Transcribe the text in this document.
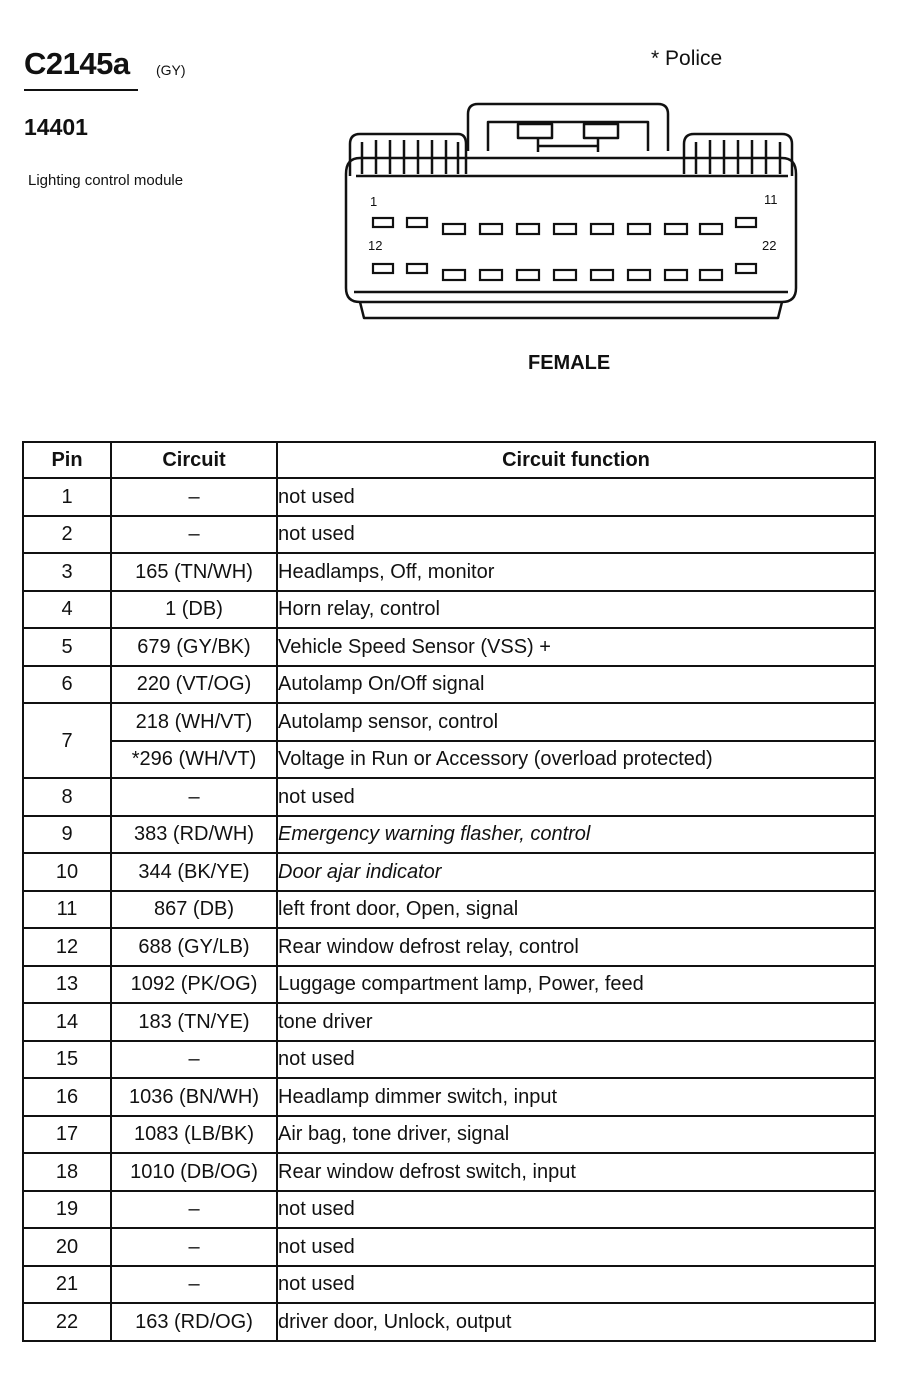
C2145a (GY)
14401
Lighting control module
* Police
1	11
12	22
FEMALE
Pin	Circuit	Circuit function
1	–	not used
2	–	not used
3	165 (TN/WH)	Headlamps, Off, monitor
4	1 (DB)	Horn relay, control
5	679 (GY/BK)	Vehicle Speed Sensor (VSS) +
6	220 (VT/OG)	Autolamp On/Off signal
7	218 (WH/VT)	Autolamp sensor, control
	*296 (WH/VT)	Voltage in Run or Accessory (overload protected)
8	–	not used
9	383 (RD/WH)	Emergency warning flasher, control
10	344 (BK/YE)	Door ajar indicator
11	867 (DB)	left front door, Open, signal
12	688 (GY/LB)	Rear window defrost relay, control
13	1092 (PK/OG)	Luggage compartment lamp, Power, feed
14	183 (TN/YE)	tone driver
15	–	not used
16	1036 (BN/WH)	Headlamp dimmer switch, input
17	1083 (LB/BK)	Air bag, tone driver, signal
18	1010 (DB/OG)	Rear window defrost switch, input
19	–	not used
20	–	not used
21	–	not used
22	163 (RD/OG)	driver door, Unlock, output
